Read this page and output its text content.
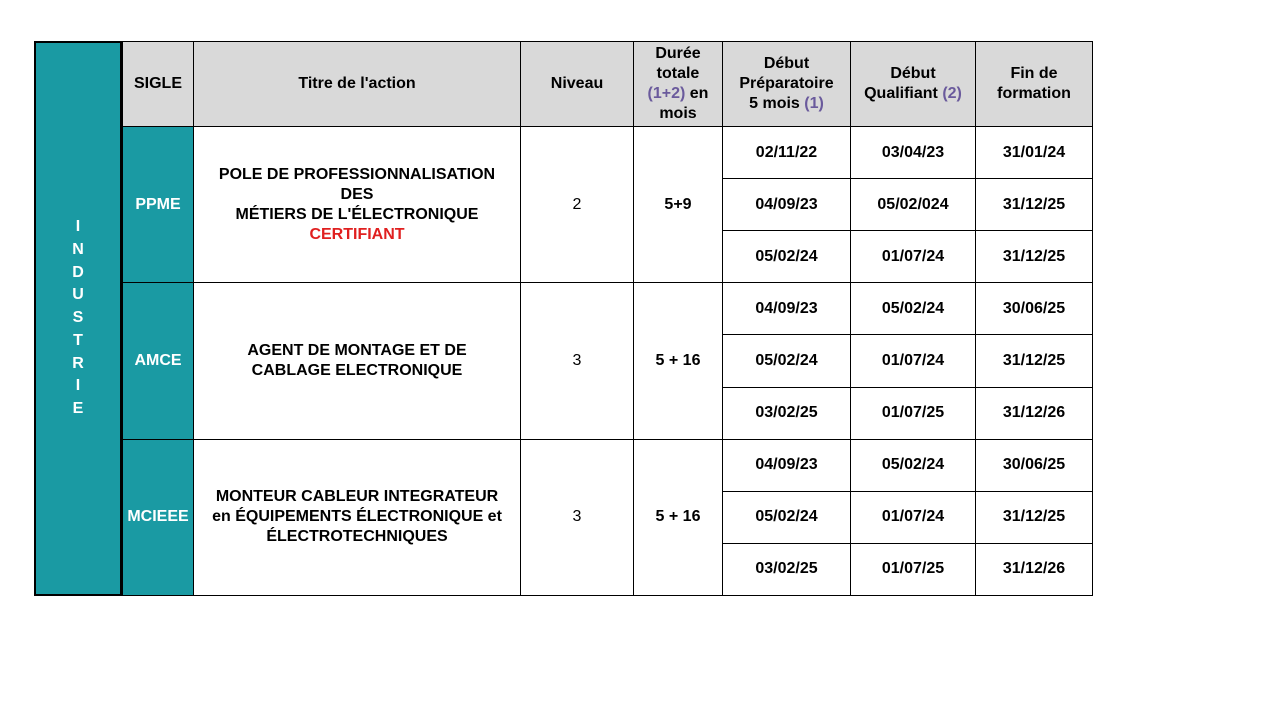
I
N
D
U
S
T
R
I
E
SIGLE	Titre de l'action	Niveau	Durée
totale
(1+2) en
mois	Début
Préparatoire
5 mois (1)	Début
Qualifiant (2)	Fin de
formation

PPME	POLE DE PROFESSIONNALISATION
DES
MÉTIERS DE L'ÉLECTRONIQUE
CERTIFIANT	2	5+9	02/11/22	03/04/23	31/01/24
				04/09/23	05/02/024	31/12/25
				05/02/24	01/07/24	31/12/25
AMCE	AGENT DE MONTAGE ET DE
CABLAGE ELECTRONIQUE	3	5 + 16	04/09/23	05/02/24	30/06/25
				05/02/24	01/07/24	31/12/25
				03/02/25	01/07/25	31/12/26
MCIEEE	MONTEUR CABLEUR INTEGRATEUR
en ÉQUIPEMENTS ÉLECTRONIQUE et
ÉLECTROTECHNIQUES	3	5 + 16	04/09/23	05/02/24	30/06/25
				05/02/24	01/07/24	31/12/25
				03/02/25	01/07/25	31/12/26
